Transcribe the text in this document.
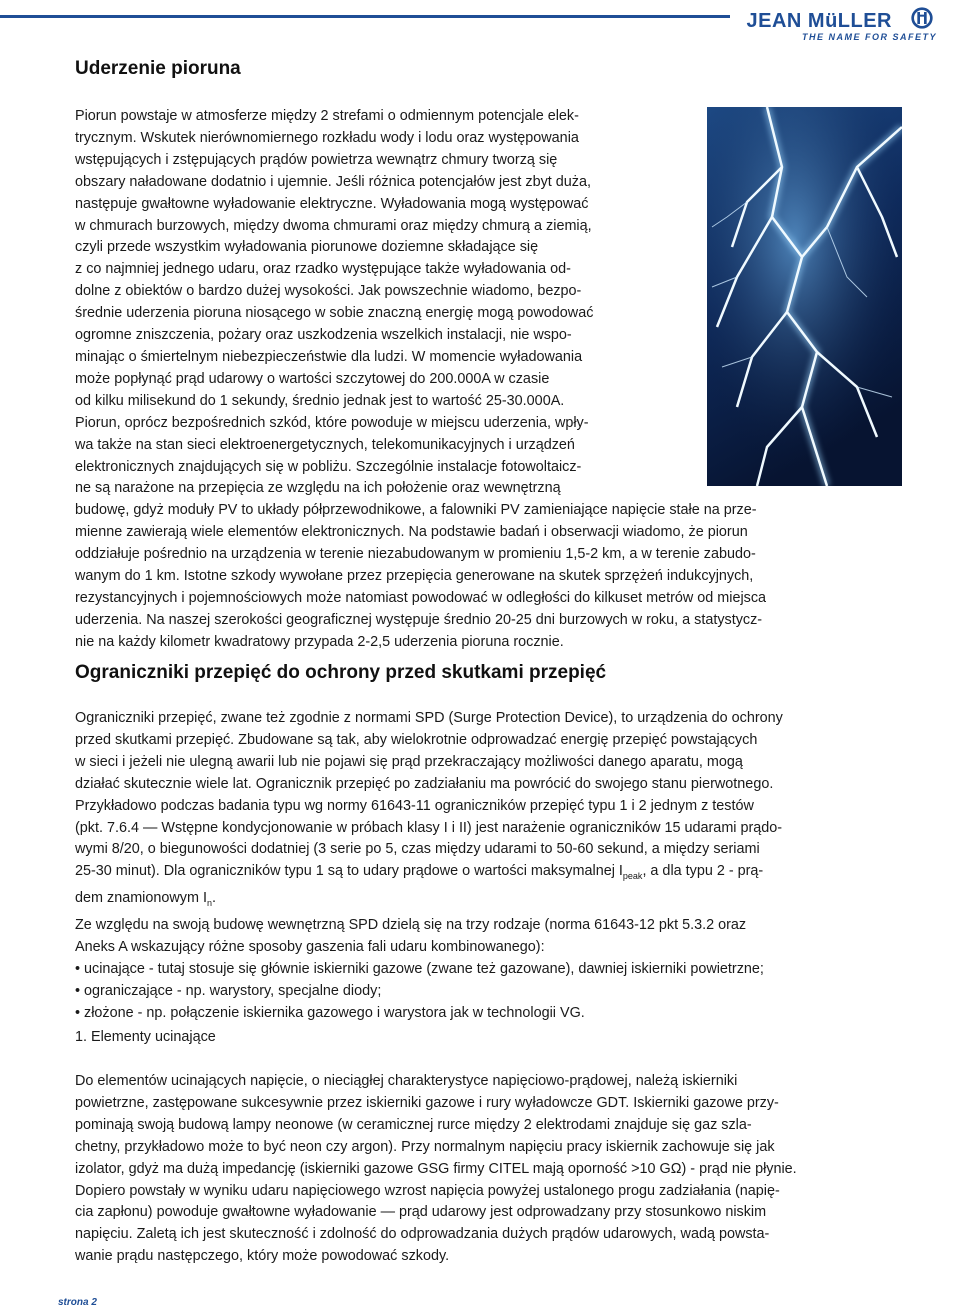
JEAN MüLLER
THE NAME FOR SAFETY
Uderzenie pioruna
Piorun powstaje w atmosferze między 2 strefami o odmiennym potencjale elek-
trycznym. Wskutek nierównomiernego rozkładu wody i lodu oraz występowania
wstępujących i zstępujących prądów powietrza wewnątrz chmury tworzą się
obszary naładowane dodatnio i ujemnie. Jeśli różnica potencjałów jest zbyt duża,
następuje gwałtowne wyładowanie elektryczne. Wyładowania mogą występować
w chmurach burzowych, między dwoma chmurami oraz między chmurą a ziemią,
czyli przede wszystkim wyładowania piorunowe doziemne składające się
z co najmniej jednego udaru, oraz rzadko występujące także wyładowania od-
dolne z obiektów o bardzo dużej wysokości. Jak powszechnie wiadomo, bezpo-
średnie uderzenia pioruna niosącego w sobie znaczną energię mogą powodować
ogromne zniszczenia, pożary oraz uszkodzenia wszelkich instalacji, nie wspo-
minając o śmiertelnym niebezpieczeństwie dla ludzi. W momencie wyładowania
może popłynąć prąd udarowy o wartości szczytowej do 200.000A w czasie
od kilku milisekund do 1 sekundy, średnio jednak jest to wartość 25-30.000A.
Piorun, oprócz bezpośrednich szkód, które powoduje w miejscu uderzenia, wpły-
wa także na stan sieci elektroenergetycznych, telekomunikacyjnych i urządzeń
elektronicznych znajdujących się w pobliżu. Szczególnie instalacje fotowoltaicz-
ne są narażone na przepięcia ze względu na ich położenie oraz wewnętrzną
budowę, gdyż moduły PV to układy półprzewodnikowe, a falowniki PV zamieniające napięcie stałe na prze-
mienne zawierają wiele elementów elektronicznych. Na podstawie badań i obserwacji wiadomo, że piorun
oddziałuje pośrednio na urządzenia w terenie niezabudowanym w promieniu 1,5-2 km, a w terenie zabudo-
wanym do 1 km. Istotne szkody wywołane przez przepięcia generowane na skutek sprzężeń indukcyjnych,
rezystancyjnych i pojemnościowych może natomiast powodować w odległości do kilkuset metrów od miejsca
uderzenia. Na naszej szerokości geograficznej występuje średnio 20-25 dni burzowych w roku, a statystycz-
nie na każdy kilometr kwadratowy przypada 2-2,5 uderzenia pioruna rocznie.
Ograniczniki przepięć do ochrony przed skutkami przepięć
Ograniczniki przepięć, zwane też zgodnie z normami SPD (Surge Protection Device), to urządzenia do ochrony
przed skutkami przepięć. Zbudowane są tak, aby wielokrotnie odprowadzać energię przepięć powstających
w sieci i jeżeli nie ulegną awarii lub nie pojawi się prąd przekraczający możliwości danego aparatu, mogą
działać skutecznie wiele lat. Ogranicznik przepięć po zadziałaniu ma powrócić do swojego stanu pierwotnego.
Przykładowo podczas badania typu wg normy 61643-11 ograniczników przepięć typu 1 i 2 jednym z testów
(pkt. 7.6.4 — Wstępne kondycjonowanie w próbach klasy I i II) jest narażenie ograniczników 15 udarami prądo-
wymi 8/20, o biegunowości dodatniej (3 serie po 5, czas między udarami to 50-60 sekund, a między seriami
25-30 minut). Dla ograniczników typu 1 są to udary prądowe o wartości maksymalnej $I_{peak}$, a dla typu 2 - prą-
dem znamionowym $I_n$.
Ze względu na swoją budowę wewnętrzną SPD dzielą się na trzy rodzaje (norma 61643-12 pkt 5.3.2 oraz
Aneks A wskazujący różne sposoby gaszenia fali udaru kombinowanego):
• ucinające - tutaj stosuje się głównie iskierniki gazowe (zwane też gazowane), dawniej iskierniki powietrzne;
• ograniczające - np. warystory, specjalne diody;
• złożone - np. połączenie iskiernika gazowego i warystora jak w technologii VG.
1. Elementy ucinające
Do elementów ucinających napięcie, o nieciągłej charakterystyce napięciowo-prądowej, należą iskierniki
powietrzne, zastępowane sukcesywnie przez iskierniki gazowe i rury wyładowcze GDT. Iskierniki gazowe przy-
pominają swoją budową lampy neonowe (w ceramicznej rurce między 2 elektrodami znajduje się gaz szla-
chetny, przykładowo może to być neon czy argon). Przy normalnym napięciu pracy iskiernik zachowuje się jak
izolator, gdyż ma dużą impedancję (iskierniki gazowe GSG firmy CITEL mają oporność >10 GΩ) - prąd nie płynie.
Dopiero powstały w wyniku udaru napięciowego wzrost napięcia powyżej ustalonego progu zadziałania (napię-
cia zapłonu) powoduje gwałtowne wyładowanie — prąd udarowy jest odprowadzany przy stosunkowo niskim
napięciu. Zaletą ich jest skuteczność i zdolność do odprowadzania dużych prądów udarowych, wadą powsta-
wanie prądu następczego, który może powodować szkody.
strona 2
